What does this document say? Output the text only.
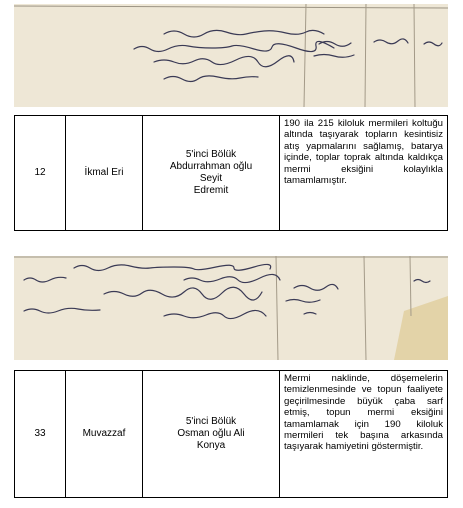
12	İkmal Eri
5'inci Bölük
Abdurrahman oğlu
Seyit
Edremit
190 ila 215 kiloluk mermileri koltuğu altında taşıyarak topların kesintisiz atış yapmalarını sağlamış, batarya içinde, toplar toprak altında kaldıkça mermi eksiğini kolaylıkla tamamlamıştır.
33	Muvazzaf
5'inci Bölük
Osman oğlu Ali
Konya
Mermi naklinde, döşemelerin temizlenmesinde ve topun faaliyete geçirilmesinde büyük çaba sarf etmiş, topun mermi eksiğini tamamlamak için 190 kiloluk mermileri tek başına arkasında taşıyarak hamiyetini göstermiştir.
